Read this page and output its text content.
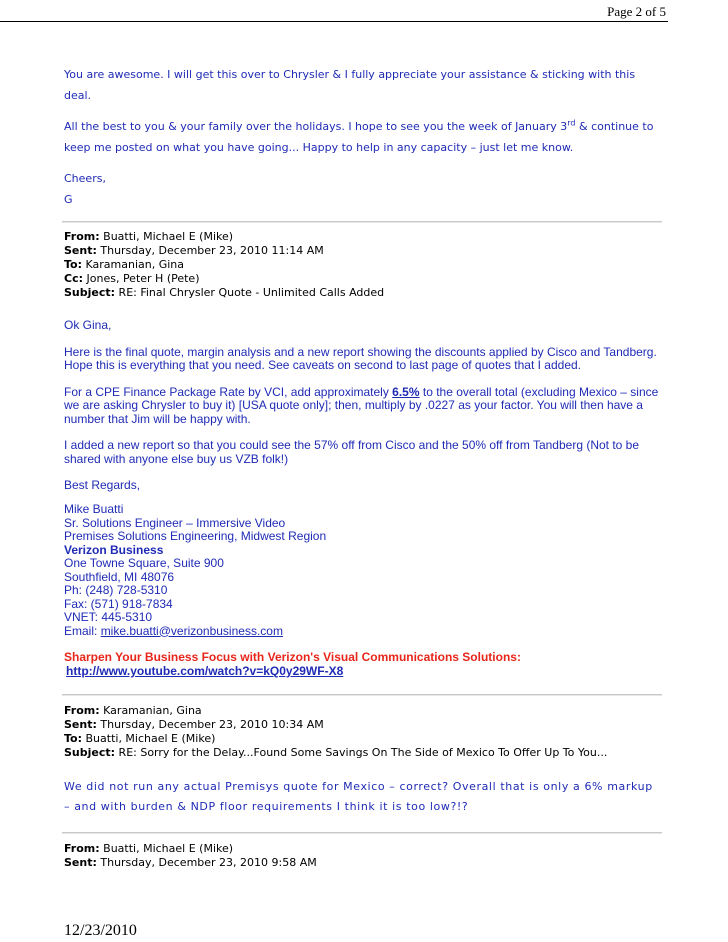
Page 2 of 5

You are awesome. I will get this over to Chrysler & I fully appreciate your assistance & sticking with this deal.

All the best to you & your family over the holidays. I hope to see you the week of January 3rd & continue to keep me posted on what you have going... Happy to help in any capacity – just let me know.

Cheers,

G

From: Buatti, Michael E (Mike)
Sent: Thursday, December 23, 2010 11:14 AM
To: Karamanian, Gina
Cc: Jones, Peter H (Pete)
Subject: RE: Final Chrysler Quote - Unlimited Calls Added

Ok Gina,

Here is the final quote, margin analysis and a new report showing the discounts applied by Cisco and Tandberg. Hope this is everything that you need. See caveats on second to last page of quotes that I added.

For a CPE Finance Package Rate by VCI, add approximately 6.5% to the overall total (excluding Mexico – since we are asking Chrysler to buy it) [USA quote only]; then, multiply by .0227 as your factor. You will then have a number that Jim will be happy with.

I added a new report so that you could see the 57% off from Cisco and the 50% off from Tandberg (Not to be shared with anyone else buy us VZB folk!)

Best Regards,

Mike Buatti
Sr. Solutions Engineer – Immersive Video
Premises Solutions Engineering, Midwest Region
Verizon Business
One Towne Square, Suite 900
Southfield, MI 48076
Ph: (248) 728-5310
Fax: (571) 918-7834
VNET: 445-5310
Email: mike.buatti@verizonbusiness.com
Sharpen Your Business Focus with Verizon's Visual Communications Solutions:
http://www.youtube.com/watch?v=kQ0y29WF-X8
From: Karamanian, Gina
Sent: Thursday, December 23, 2010 10:34 AM
To: Buatti, Michael E (Mike)
Subject: RE: Sorry for the Delay...Found Some Savings On The Side of Mexico To Offer Up To You...
We did not run any actual Premisys quote for Mexico – correct? Overall that is only a 6% markup – and with burden & NDP floor requirements I think it is too low?!?
From: Buatti, Michael E (Mike)
Sent: Thursday, December 23, 2010 9:58 AM
12/23/2010
